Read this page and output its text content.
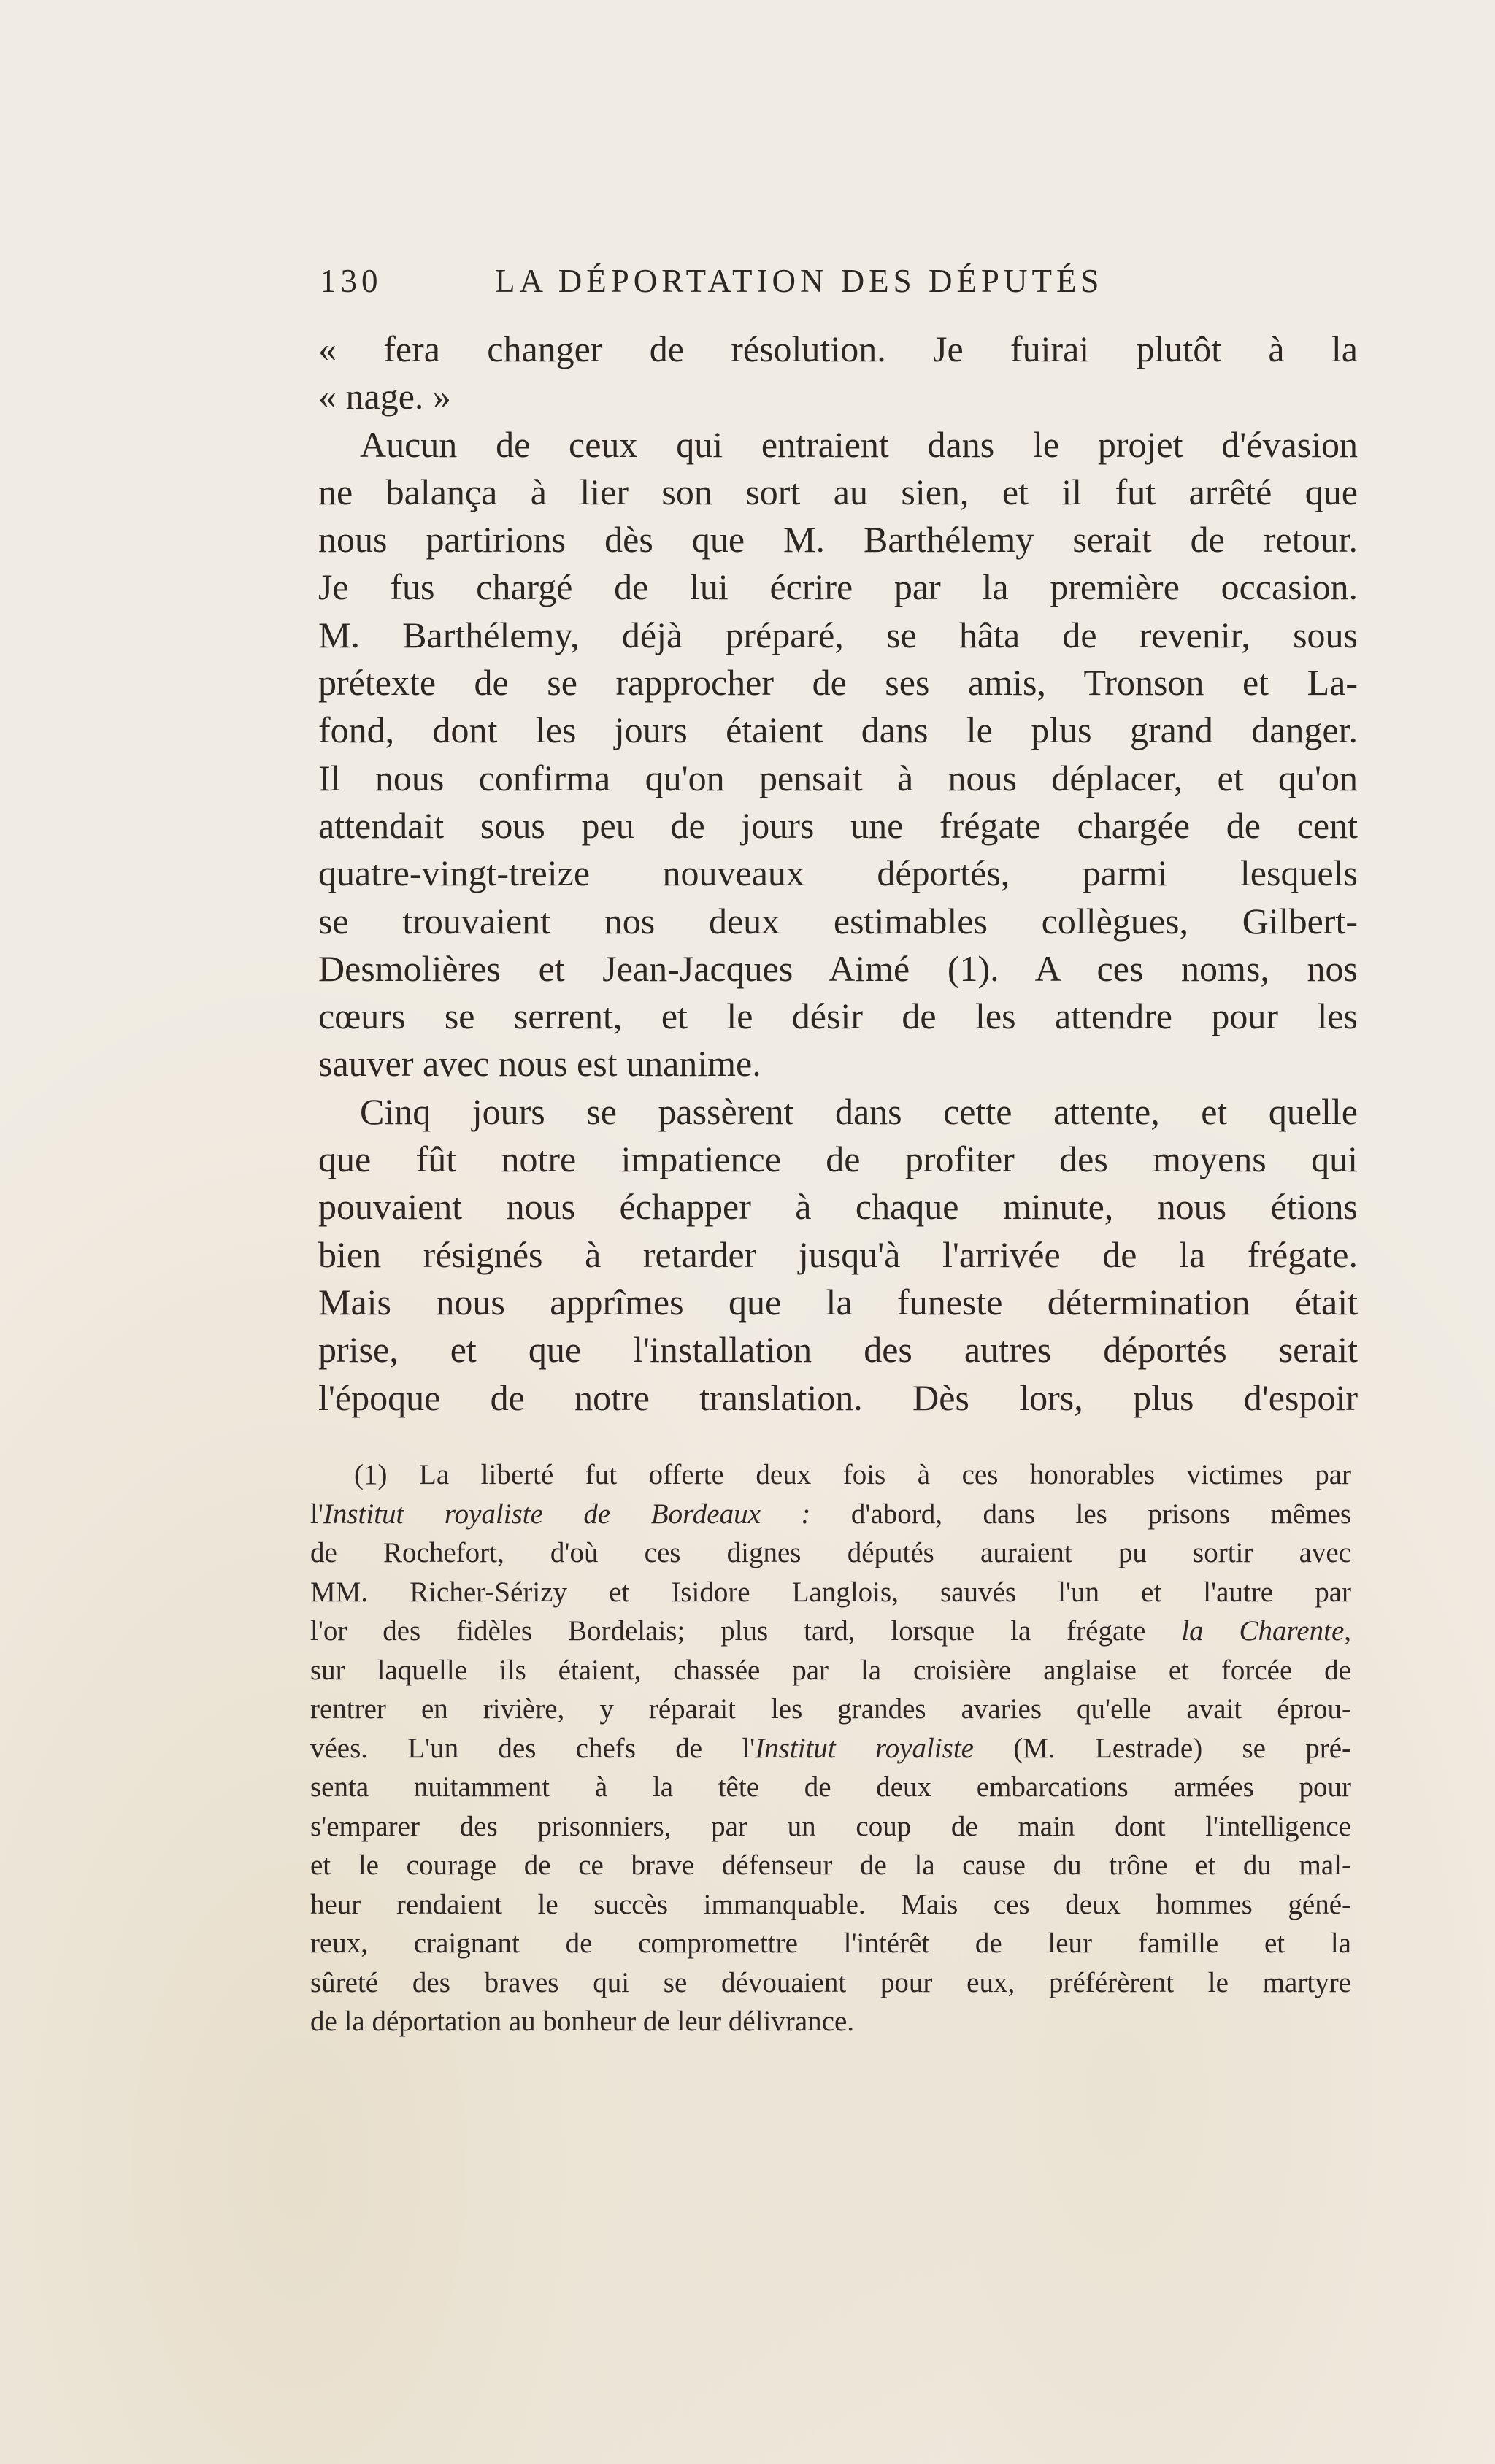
130	LA DÉPORTATION DES DÉPUTÉS
« fera changer de résolution. Je fuirai plutôt à la
« nage. »
Aucun de ceux qui entraient dans le projet d'évasion
ne balança à lier son sort au sien, et il fut arrêté que
nous partirions dès que M. Barthélemy serait de retour.
Je fus chargé de lui écrire par la première occasion.
M. Barthélemy, déjà préparé, se hâta de revenir, sous
prétexte de se rapprocher de ses amis, Tronson et La-
fond, dont les jours étaient dans le plus grand danger.
Il nous confirma qu'on pensait à nous déplacer, et qu'on
attendait sous peu de jours une frégate chargée de cent
quatre-vingt-treize nouveaux déportés, parmi lesquels
se trouvaient nos deux estimables collègues, Gilbert-
Desmolières et Jean-Jacques Aimé (1). A ces noms, nos
cœurs se serrent, et le désir de les attendre pour les
sauver avec nous est unanime.
Cinq jours se passèrent dans cette attente, et quelle
que fût notre impatience de profiter des moyens qui
pouvaient nous échapper à chaque minute, nous étions
bien résignés à retarder jusqu'à l'arrivée de la frégate.
Mais nous apprîmes que la funeste détermination était
prise, et que l'installation des autres déportés serait
l'époque de notre translation. Dès lors, plus d'espoir
(1) La liberté fut offerte deux fois à ces honorables victimes par
l'Institut royaliste de Bordeaux : d'abord, dans les prisons mêmes
de Rochefort, d'où ces dignes députés auraient pu sortir avec
MM. Richer-Sérizy et Isidore Langlois, sauvés l'un et l'autre par
l'or des fidèles Bordelais; plus tard, lorsque la frégate la Charente,
sur laquelle ils étaient, chassée par la croisière anglaise et forcée de
rentrer en rivière, y réparait les grandes avaries qu'elle avait éprou-
vées. L'un des chefs de l'Institut royaliste (M. Lestrade) se pré-
senta nuitamment à la tête de deux embarcations armées pour
s'emparer des prisonniers, par un coup de main dont l'intelligence
et le courage de ce brave défenseur de la cause du trône et du mal-
heur rendaient le succès immanquable. Mais ces deux hommes géné-
reux, craignant de compromettre l'intérêt de leur famille et la
sûreté des braves qui se dévouaient pour eux, préférèrent le martyre
de la déportation au bonheur de leur délivrance.
